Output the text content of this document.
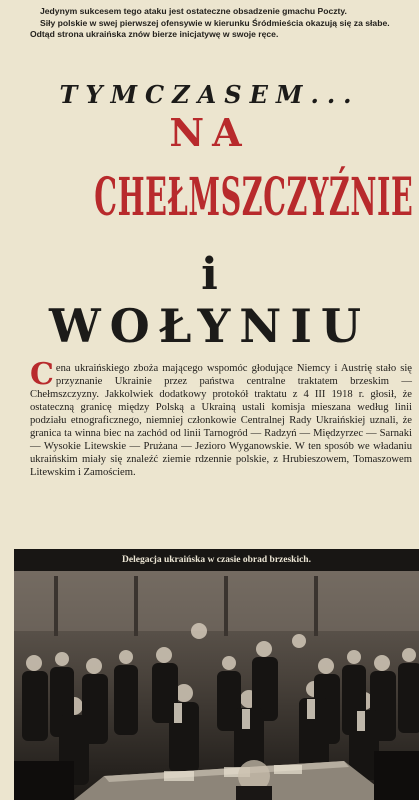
Jedynym sukcesem tego ataku jest ostateczne obsadzenie gmachu Poczty.

Siły polskie w swej pierwszej ofensywie w kierunku Śródmieścia okazują się za słabe. Odtąd strona ukraińska znów bierze inicjatywę w swoje ręce.

TYMCZASEM...
NA
CHEŁMSZCZYŹNIE
i
WOŁYNIU
Cena ukraińskiego zboża mającego wspomóc głodujące Niemcy i Austrię stało się przyznanie Ukrainie przez państwa centralne traktatem brzeskim — Chełmszczyzny. Jakkolwiek dodatkowy protokół traktatu z 4 III 1918 r. głosił, że ostateczną granicę między Polską a Ukrainą ustali komisja mieszana według linii podziału etnograficznego, niemniej członkowie Centralnej Rady Ukraińskiej uznali, że granica ta winna biec na zachód od linii Tarnogród — Radzyń — Międzyrzec — Sarnaki — Wysokie Litewskie — Prużana — Jezioro Wyganowskie. W ten sposób we władaniu ukraińskim miały się znaleźć ziemie rdzennie polskie, z Hrubieszowem, Tomaszowem Litewskim i Zamościem.
Delegacja ukraińska w czasie obrad brzeskich.
